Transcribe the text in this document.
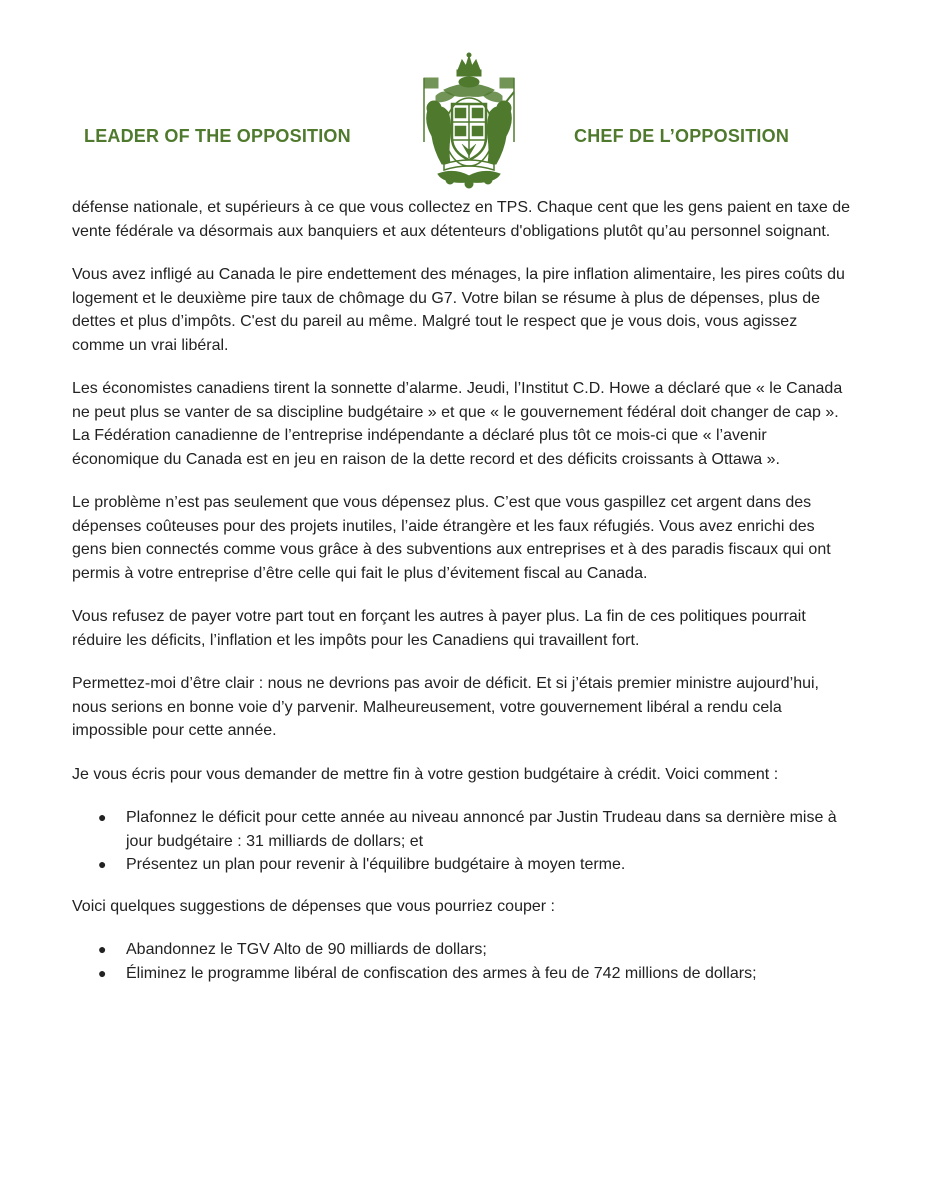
LEADER OF THE OPPOSITION	CHEF DE L’OPPOSITION

défense nationale, et supérieurs à ce que vous collectez en TPS. Chaque cent que les gens paient en taxe de vente fédérale va désormais aux banquiers et aux détenteurs d'obligations plutôt qu’au personnel soignant.

Vous avez infligé au Canada le pire endettement des ménages, la pire inflation alimentaire, les pires coûts du logement et le deuxième pire taux de chômage du G7. Votre bilan se résume à plus de dépenses, plus de dettes et plus d’impôts. C'est du pareil au même. Malgré tout le respect que je vous dois, vous agissez comme un vrai libéral.

Les économistes canadiens tirent la sonnette d’alarme. Jeudi, l’Institut C.D. Howe a déclaré que « le Canada ne peut plus se vanter de sa discipline budgétaire » et que « le gouvernement fédéral doit changer de cap ». La Fédération canadienne de l’entreprise indépendante a déclaré plus tôt ce mois-ci que « l’avenir économique du Canada est en jeu en raison de la dette record et des déficits croissants à Ottawa ».

Le problème n’est pas seulement que vous dépensez plus. C’est que vous gaspillez cet argent dans des dépenses coûteuses pour des projets inutiles, l’aide étrangère et les faux réfugiés. Vous avez enrichi des gens bien connectés comme vous grâce à des subventions aux entreprises et à des paradis fiscaux qui ont permis à votre entreprise d’être celle qui fait le plus d’évitement fiscal au Canada.

Vous refusez de payer votre part tout en forçant les autres à payer plus. La fin de ces politiques pourrait réduire les déficits, l’inflation et les impôts pour les Canadiens qui travaillent fort.

Permettez-moi d’être clair : nous ne devrions pas avoir de déficit. Et si j’étais premier ministre aujourd’hui, nous serions en bonne voie d’y parvenir. Malheureusement, votre gouvernement libéral a rendu cela impossible pour cette année.

Je vous écris pour vous demander de mettre fin à votre gestion budgétaire à crédit. Voici comment :

● Plafonnez le déficit pour cette année au niveau annoncé par Justin Trudeau dans sa dernière mise à jour budgétaire : 31 milliards de dollars; et
● Présentez un plan pour revenir à l'équilibre budgétaire à moyen terme.

Voici quelques suggestions de dépenses que vous pourriez couper :

● Abandonnez le TGV Alto de 90 milliards de dollars;
● Éliminez le programme libéral de confiscation des armes à feu de 742 millions de dollars;
